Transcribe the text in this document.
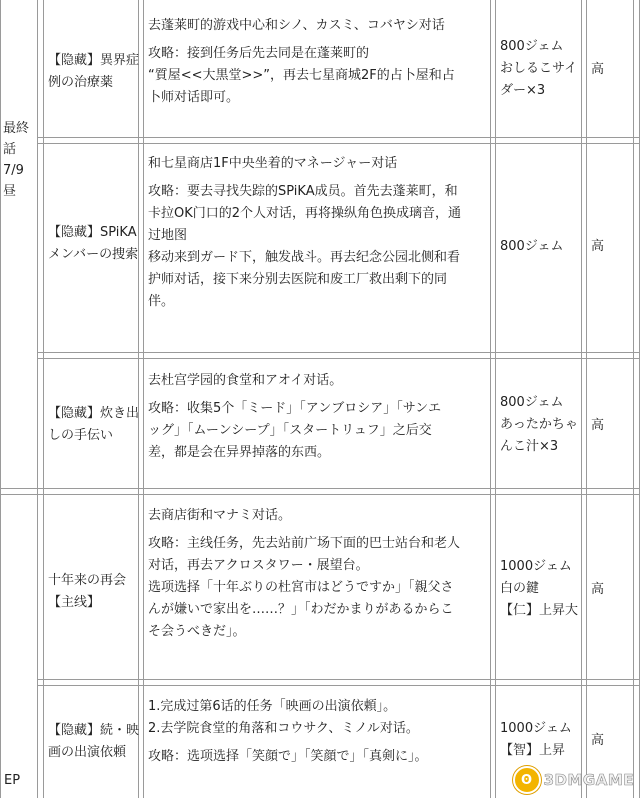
最終

話

7/9

昼

EP

【隐藏】異界症

例の治療薬

去蓬莱町的游戏中心和シノ、カスミ、コバヤシ对话

攻略：接到任务后先去同是在蓬莱町的

“質屋<<大黒堂>>”，再去七星商城2F的占卜屋和占

卜师对话即可。

800ジェム

おしるこサイ

ダー×3

高

【隐藏】SPiKA

メンバーの捜索

和七星商店1F中央坐着的マネージャー对话

攻略：要去寻找失踪的SPiKA成员。首先去蓬莱町，和

卡拉OK门口的2个人对话，再将操纵角色换成璃音，通

过地图

移动来到ガード下，触发战斗。再去纪念公园北侧和看

护师对话，接下来分别去医院和废工厂救出剩下的同

伴。

800ジェム	高

【隐藏】炊き出

しの手伝い

去杜宫学园的食堂和アオイ对话。

攻略：收集5个「ミード」「アンブロシア」「サンエ

ッグ」「ムーンシープ」「スタートリュフ」之后交

差，都是会在异界掉落的东西。

800ジェム

あったかちゃ

んこ汁×3

高

十年来の再会

【主线】

去商店街和マナミ对话。

攻略：主线任务，先去站前广场下面的巴士站台和老人

对话，再去アクロスタワー・展望台。

选项选择「十年ぶりの杜宮市はどうですか」「親父さ

んが嫌いで家出を……？」「わだかまりがあるからこ

そ会うべきだ」。

1000ジェム

白の鍵

【仁】上昇大

高

【隐藏】続・映

画の出演依頼

1.完成过第6话的任务「映画の出演依頼」。

2.去学院食堂的角落和コウサク、ミノル对话。

攻略：选项选择「笑顔で」「笑顔で」「真剣に」。

1000ジェム

【智】上昇

高
ʘ 3DMGAME
